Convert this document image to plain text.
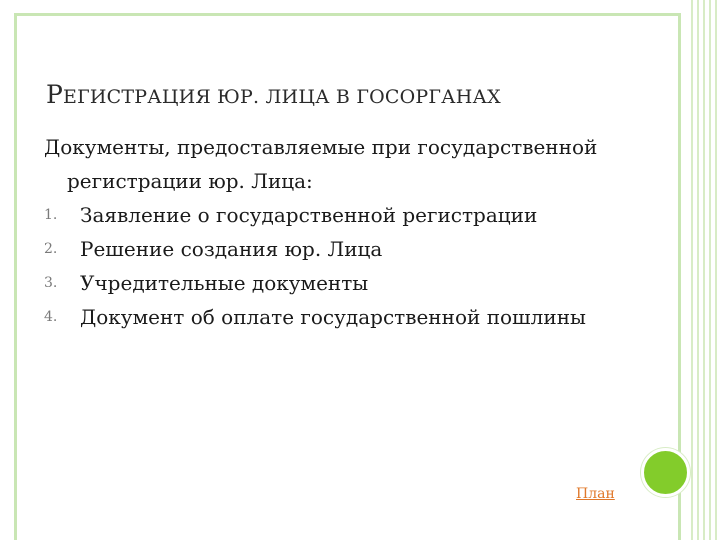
РЕГИСТРАЦИЯ ЮР. ЛИЦА В ГОСОРГАНАХ
Документы, предоставляемые при государственной регистрации юр. Лица:
1. Заявление о государственной регистрации
2. Решение создания юр. Лица
3. Учредительные документы
4. Документ об оплате государственной пошлины
План
